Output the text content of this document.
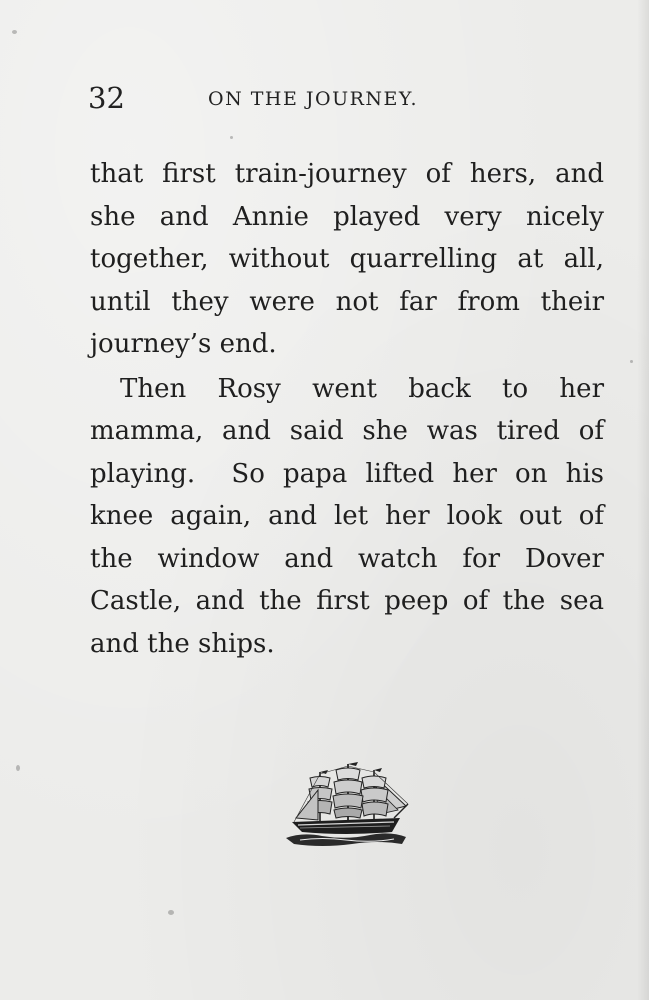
32	ON THE JOURNEY.
that first train-journey of hers, and
she and Annie played very nicely
together, without quarrelling at all,
until they were not far from their
journey’s end.
Then Rosy went back to her
mamma, and said she was tired of
playing.  So papa lifted her on his
knee again, and let her look out of
the window and watch for Dover
Castle, and the first peep of the sea
and the ships.
